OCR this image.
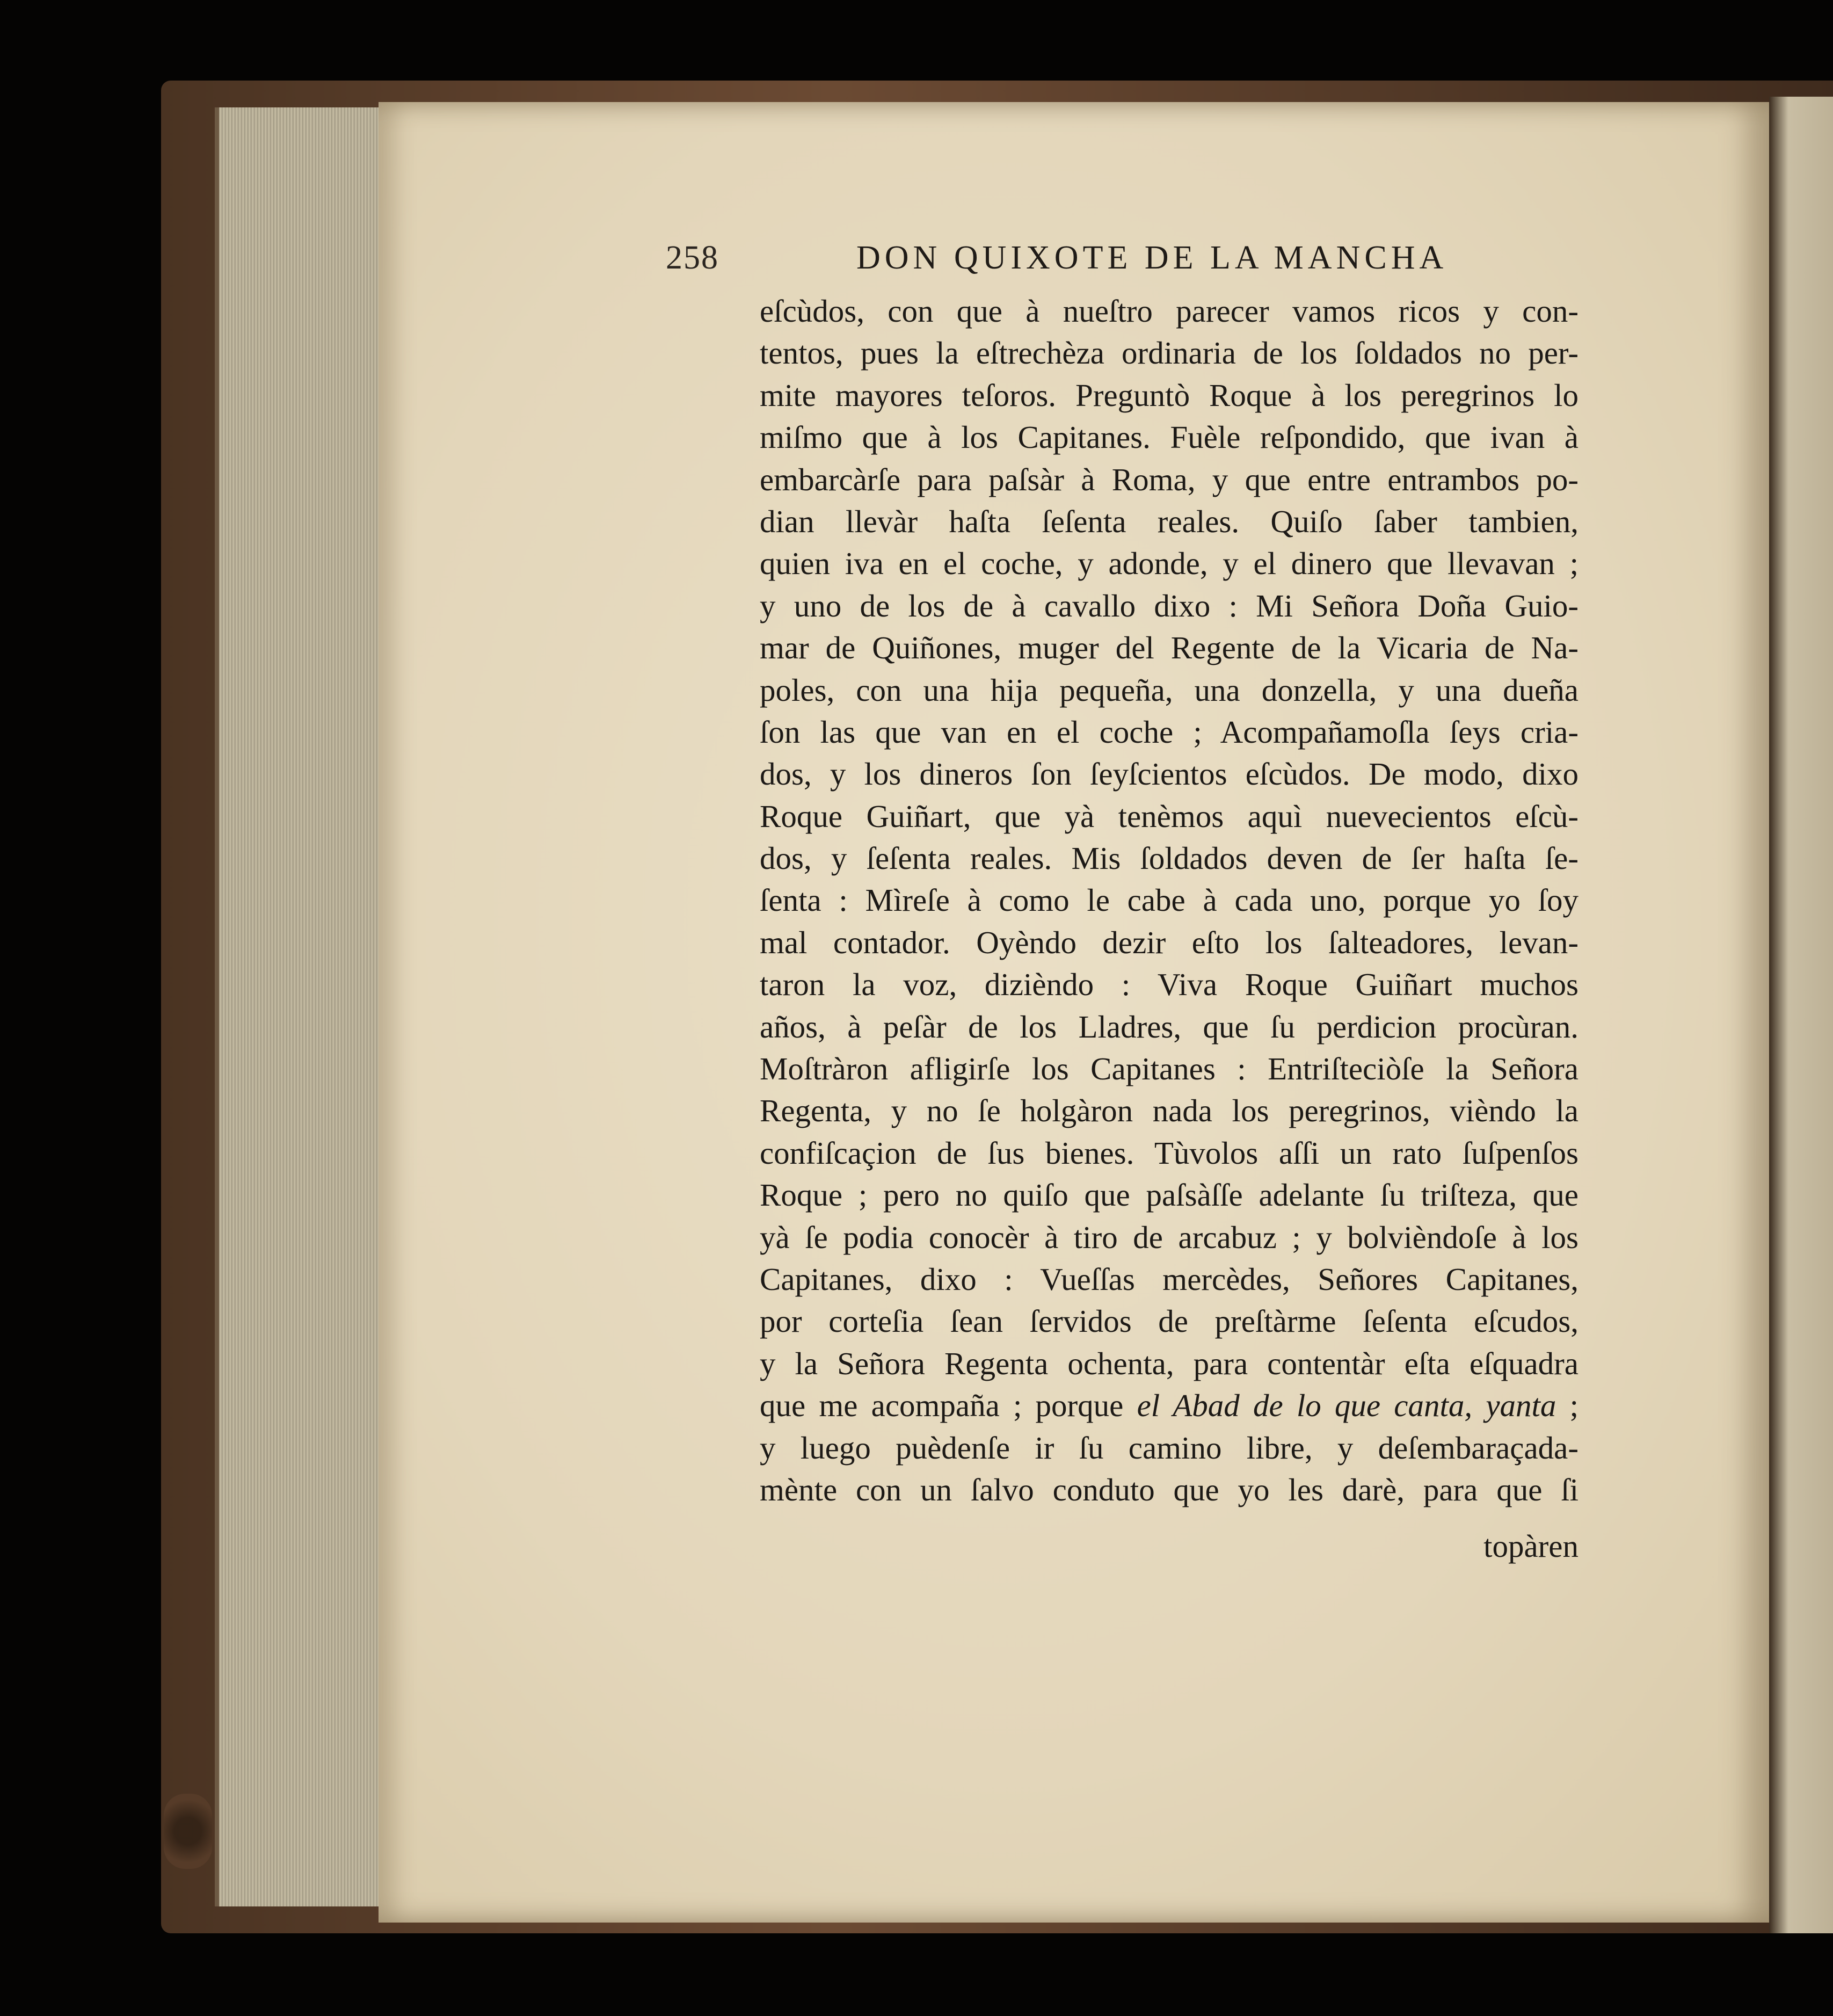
258	DON QUIXOTE DE LA MANCHA
eſcùdos, con que à nueſtro parecer vamos ricos y con-
tentos, pues la eſtrechèza ordinaria de los ſoldados no per-
mite mayores teſoros. Preguntò Roque à los peregrinos lo
miſmo que à los Capitanes. Fuèle reſpondido, que ivan à
embarcàrſe para paſsàr à Roma, y que entre entrambos po-
dian llevàr haſta ſeſenta reales. Quiſo ſaber tambien,
quien iva en el coche, y adonde, y el dinero que llevavan ;
y uno de los de à cavallo dixo : Mi Señora Doña Guio-
mar de Quiñones, muger del Regente de la Vicaria de Na-
poles, con una hija pequeña, una donzella, y una dueña
ſon las que van en el coche ; Acompañamoſla ſeys cria-
dos, y los dineros ſon ſeyſcientos eſcùdos. De modo, dixo
Roque Guiñart, que yà tenèmos aquì nuevecientos eſcù-
dos, y ſeſenta reales. Mis ſoldados deven de ſer haſta ſe-
ſenta : Mìreſe à como le cabe à cada uno, porque yo ſoy
mal contador. Oyèndo dezir eſto los ſalteadores, levan-
taron la voz, dizièndo : Viva Roque Guiñart muchos
años, à peſàr de los Lladres, que ſu perdicion procùran.
Moſtràron afligirſe los Capitanes : Entriſteciòſe la Señora
Regenta, y no ſe holgàron nada los peregrinos, vièndo la
confiſcaçion de ſus bienes. Tùvolos aſſi un rato ſuſpenſos
Roque ; pero no quiſo que paſsàſſe adelante ſu triſteza, que
yà ſe podia conocèr à tiro de arcabuz ; y bolvièndoſe à los
Capitanes, dixo : Vueſſas mercèdes, Señores Capitanes,
por corteſia ſean ſervidos de preſtàrme ſeſenta eſcudos,
y la Señora Regenta ochenta, para contentàr eſta eſquadra
que me acompaña ; porque el Abad de lo que canta, yanta ;
y luego puèdenſe ir ſu camino libre, y deſembaraçada-
mènte con un ſalvo conduto que yo les darè, para que ſi
topàren
